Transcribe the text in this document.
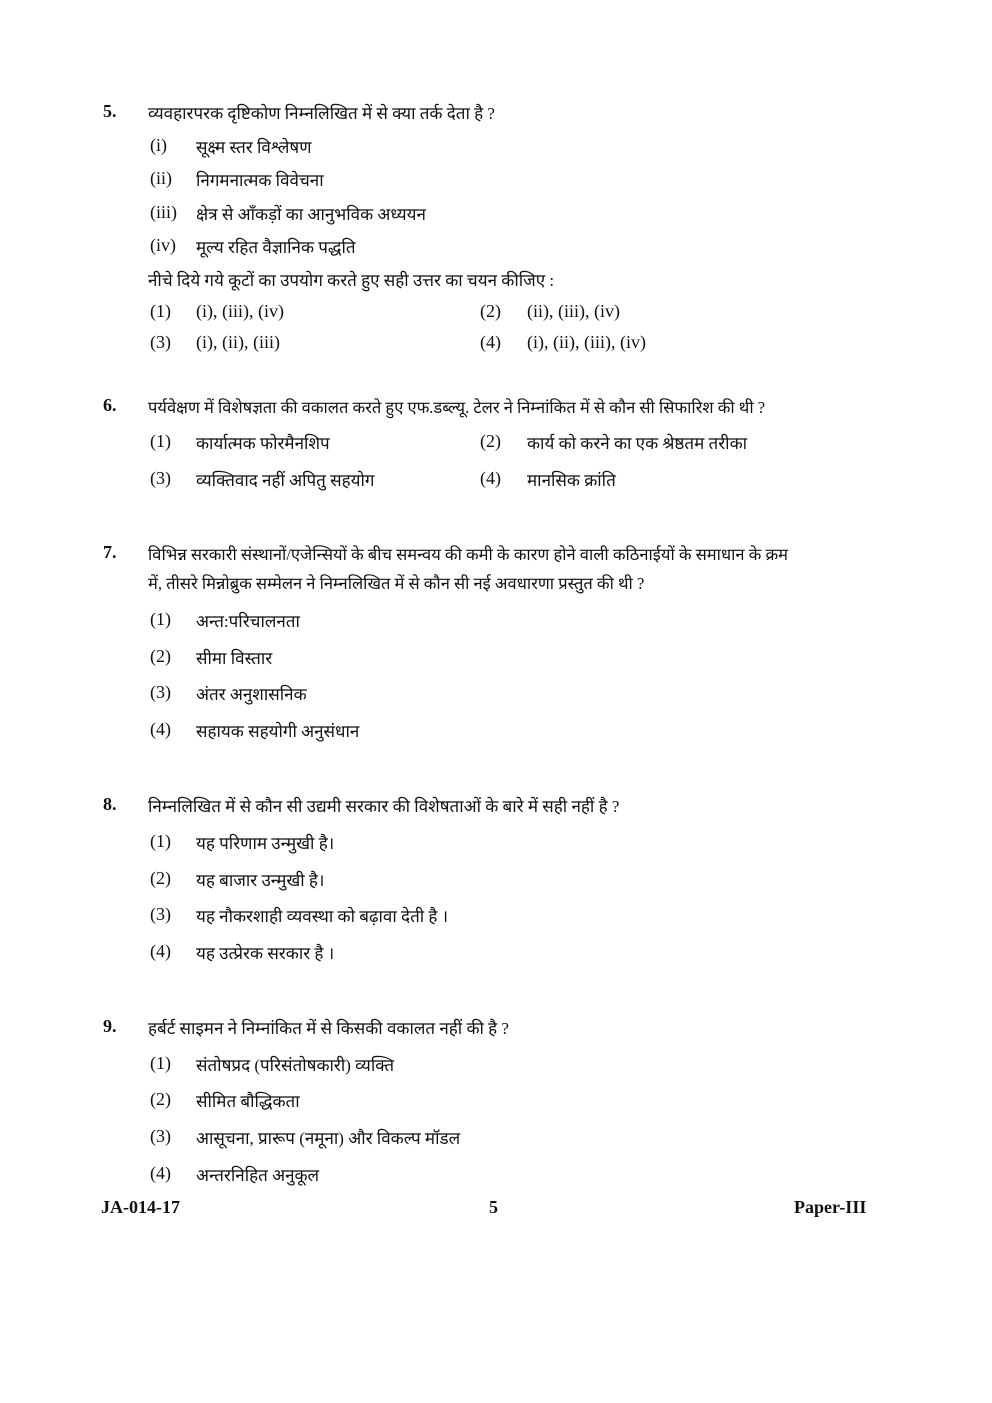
5. व्यवहारपरक दृष्टिकोण निम्नलिखित में से क्या तर्क देता है ?
(i) सूक्ष्म स्तर विश्लेषण
(ii) निगमनात्मक विवेचना
(iii) क्षेत्र से आँकड़ों का आनुभविक अध्ययन
(iv) मूल्य रहित वैज्ञानिक पद्धति
नीचे दिये गये कूटों का उपयोग करते हुए सही उत्तर का चयन कीजिए :
(1) (i), (iii), (iv)	(2) (ii), (iii), (iv)
(3) (i), (ii), (iii)	(4) (i), (ii), (iii), (iv)
6. पर्यवेक्षण में विशेषज्ञता की वकालत करते हुए एफ.डब्ल्यू. टेलर ने निम्नांकित में से कौन सी सिफारिश की थी ?
(1) कार्यात्मक फोरमैनशिप	(2) कार्य को करने का एक श्रेष्ठतम तरीका
(3) व्यक्तिवाद नहीं अपितु सहयोग	(4) मानसिक क्रांति
7. विभिन्न सरकारी संस्थानों/एजेन्सियों के बीच समन्वय की कमी के कारण होने वाली कठिनाईयों के समाधान के क्रम
में, तीसरे मिन्नोब्रुक सम्मेलन ने निम्नलिखित में से कौन सी नई अवधारणा प्रस्तुत की थी ?
(1) अन्त:परिचालनता
(2) सीमा विस्तार
(3) अंतर अनुशासनिक
(4) सहायक सहयोगी अनुसंधान
8. निम्नलिखित में से कौन सी उद्यमी सरकार की विशेषताओं के बारे में सही नहीं है ?
(1) यह परिणाम उन्मुखी है।
(2) यह बाजार उन्मुखी है।
(3) यह नौकरशाही व्यवस्था को बढ़ावा देती है ।
(4) यह उत्प्रेरक सरकार है ।
9. हर्बर्ट साइमन ने निम्नांकित में से किसकी वकालत नहीं की है ?
(1) संतोषप्रद (परिसंतोषकारी) व्यक्ति
(2) सीमित बौद्धिकता
(3) आसूचना, प्रारूप (नमूना) और विकल्प मॉडल
(4) अन्तरनिहित अनुकूल
JA-014-17	5	Paper-III
